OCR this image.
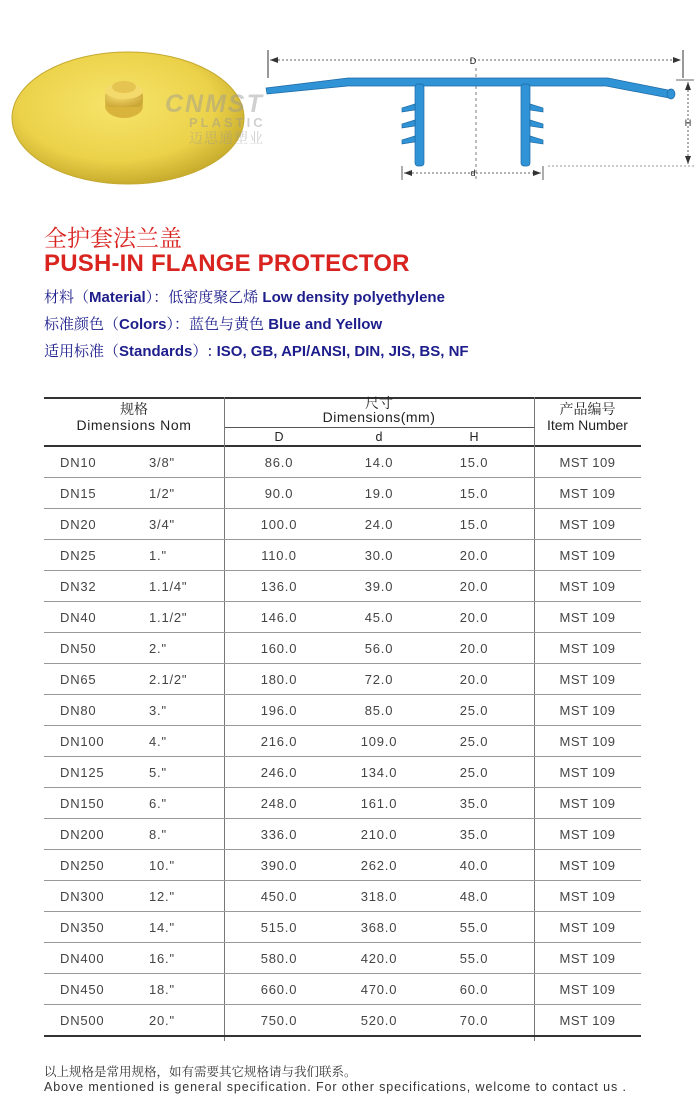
CNMST
PLASTIC
迈思通塑业
D
d
H
全护套法兰盖
PUSH-IN FLANGE PROTECTOR
材料（Material）：低密度聚乙烯 Low density polyethylene
标准颜色（Colors）：蓝色与黄色 Blue and Yellow
适用标准（Standards）: ISO, GB, API/ANSI, DIN, JIS, BS, NF
规格
Dimensions Nom
尺寸
Dimensions(mm)
D	d	H
产品编号
Item Number
DN10	3/8"	86.0	14.0	15.0	MST 109
DN15	1/2"	90.0	19.0	15.0	MST 109
DN20	3/4"	100.0	24.0	15.0	MST 109
DN25	1."	110.0	30.0	20.0	MST 109
DN32	1.1/4"	136.0	39.0	20.0	MST 109
DN40	1.1/2"	146.0	45.0	20.0	MST 109
DN50	2."	160.0	56.0	20.0	MST 109
DN65	2.1/2"	180.0	72.0	20.0	MST 109
DN80	3."	196.0	85.0	25.0	MST 109
DN100	4."	216.0	109.0	25.0	MST 109
DN125	5."	246.0	134.0	25.0	MST 109
DN150	6."	248.0	161.0	35.0	MST 109
DN200	8."	336.0	210.0	35.0	MST 109
DN250	10."	390.0	262.0	40.0	MST 109
DN300	12."	450.0	318.0	48.0	MST 109
DN350	14."	515.0	368.0	55.0	MST 109
DN400	16."	580.0	420.0	55.0	MST 109
DN450	18."	660.0	470.0	60.0	MST 109
DN500	20."	750.0	520.0	70.0	MST 109
以上规格是常用规格，如有需要其它规格请与我们联系。
Above mentioned is general specification. For other specifications, welcome to contact us .
